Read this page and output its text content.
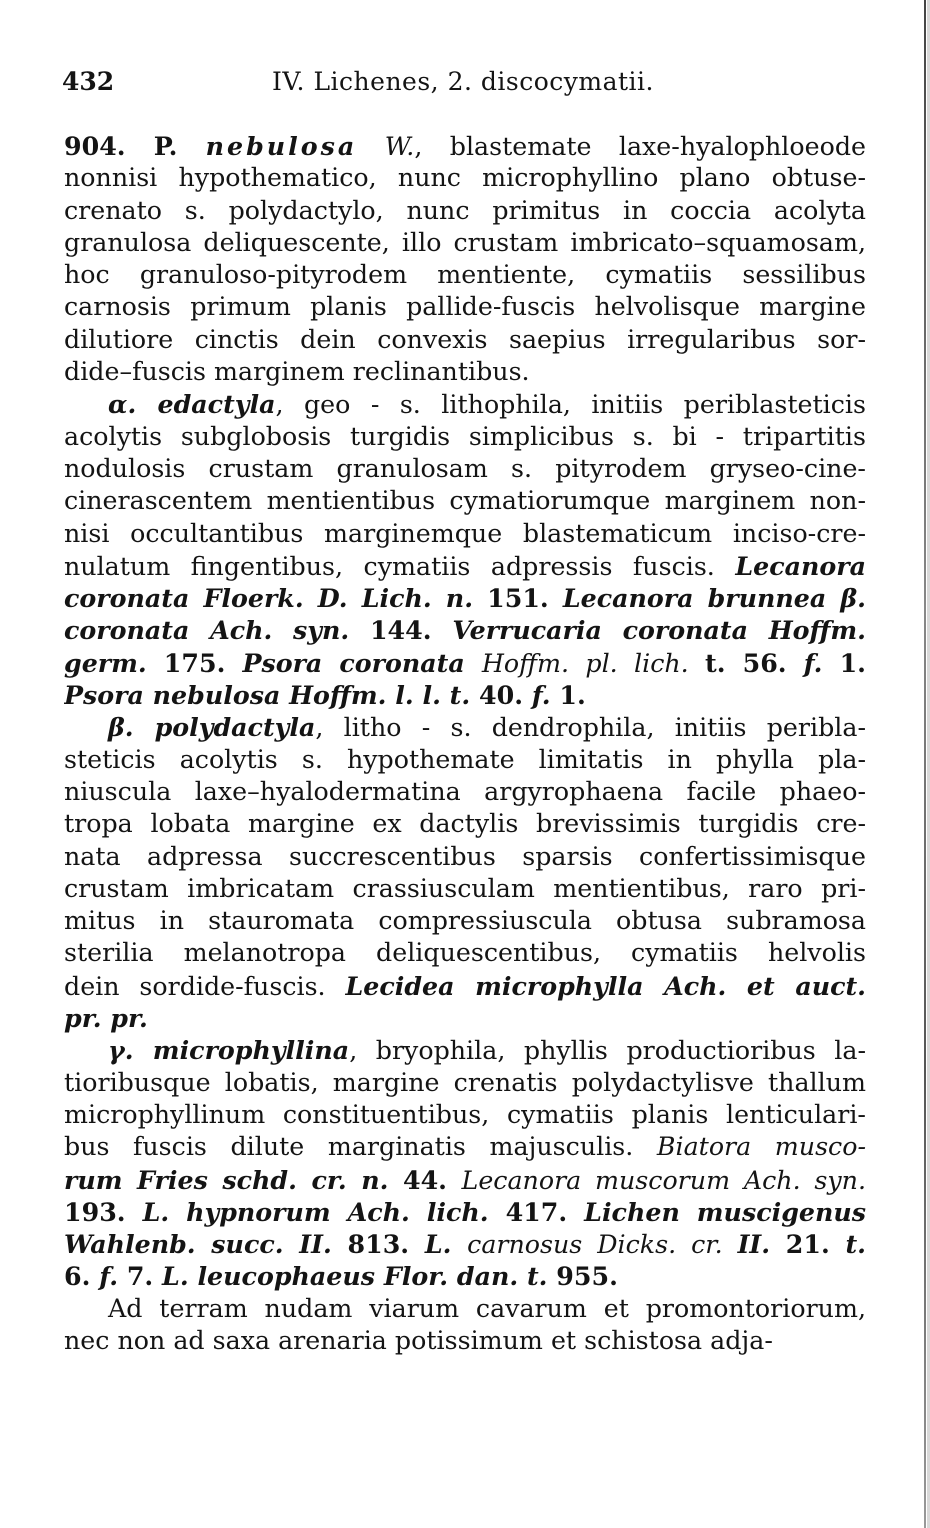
432	IV. Lichenes, 2. discocymatii.
904. P. nebulosa W., blastemate laxe-hyalophloeode
nonnisi hypothematico, nunc microphyllino plano obtuse-
crenato s. polydactylo, nunc primitus in coccia acolyta
granulosa deliquescente, illo crustam imbricato–squamosam,
hoc granuloso-pityrodem mentiente, cymatiis sessilibus
carnosis primum planis pallide-fuscis helvolisque margine
dilutiore cinctis dein convexis saepius irregularibus sor-
dide–fuscis marginem reclinantibus.
α. edactyla, geo - s. lithophila, initiis periblasteticis
acolytis subglobosis turgidis simplicibus s. bi - tripartitis
nodulosis crustam granulosam s. pityrodem gryseo-cine-
cinerascentem mentientibus cymatiorumque marginem non-
nisi occultantibus marginemque blastematicum inciso-cre-
nulatum fingentibus, cymatiis adpressis fuscis. Lecanora
coronata Floerk. D. Lich. n. 151. Lecanora brunnea β.
coronata Ach. syn. 144. Verrucaria coronata Hoffm.
germ. 175. Psora coronata Hoffm. pl. lich. t. 56. f. 1.
Psora nebulosa Hoffm. l. l. t. 40. f. 1.
β. polydactyla, litho - s. dendrophila, initiis peribla-
steticis acolytis s. hypothemate limitatis in phylla pla-
niuscula laxe–hyalodermatina argyrophaena facile phaeo-
tropa lobata margine ex dactylis brevissimis turgidis cre-
nata adpressa succrescentibus sparsis confertissimisque
crustam imbricatam crassiusculam mentientibus, raro pri-
mitus in stauromata compressiuscula obtusa subramosa
sterilia melanotropa deliquescentibus, cymatiis helvolis
dein sordide-fuscis. Lecidea microphylla Ach. et auct.
pr. pr.
γ. microphyllina, bryophila, phyllis productioribus la-
tioribusque lobatis, margine crenatis polydactylisve thallum
microphyllinum constituentibus, cymatiis planis lenticulari-
bus fuscis dilute marginatis majusculis. Biatora musco-
rum Fries schd. cr. n. 44. Lecanora muscorum Ach. syn.
193. L. hypnorum Ach. lich. 417. Lichen muscigenus
Wahlenb. succ. II. 813. L. carnosus Dicks. cr. II. 21. t.
6. f. 7. L. leucophaeus Flor. dan. t. 955.
Ad terram nudam viarum cavarum et promontoriorum,
nec non ad saxa arenaria potissimum et schistosa adja-
